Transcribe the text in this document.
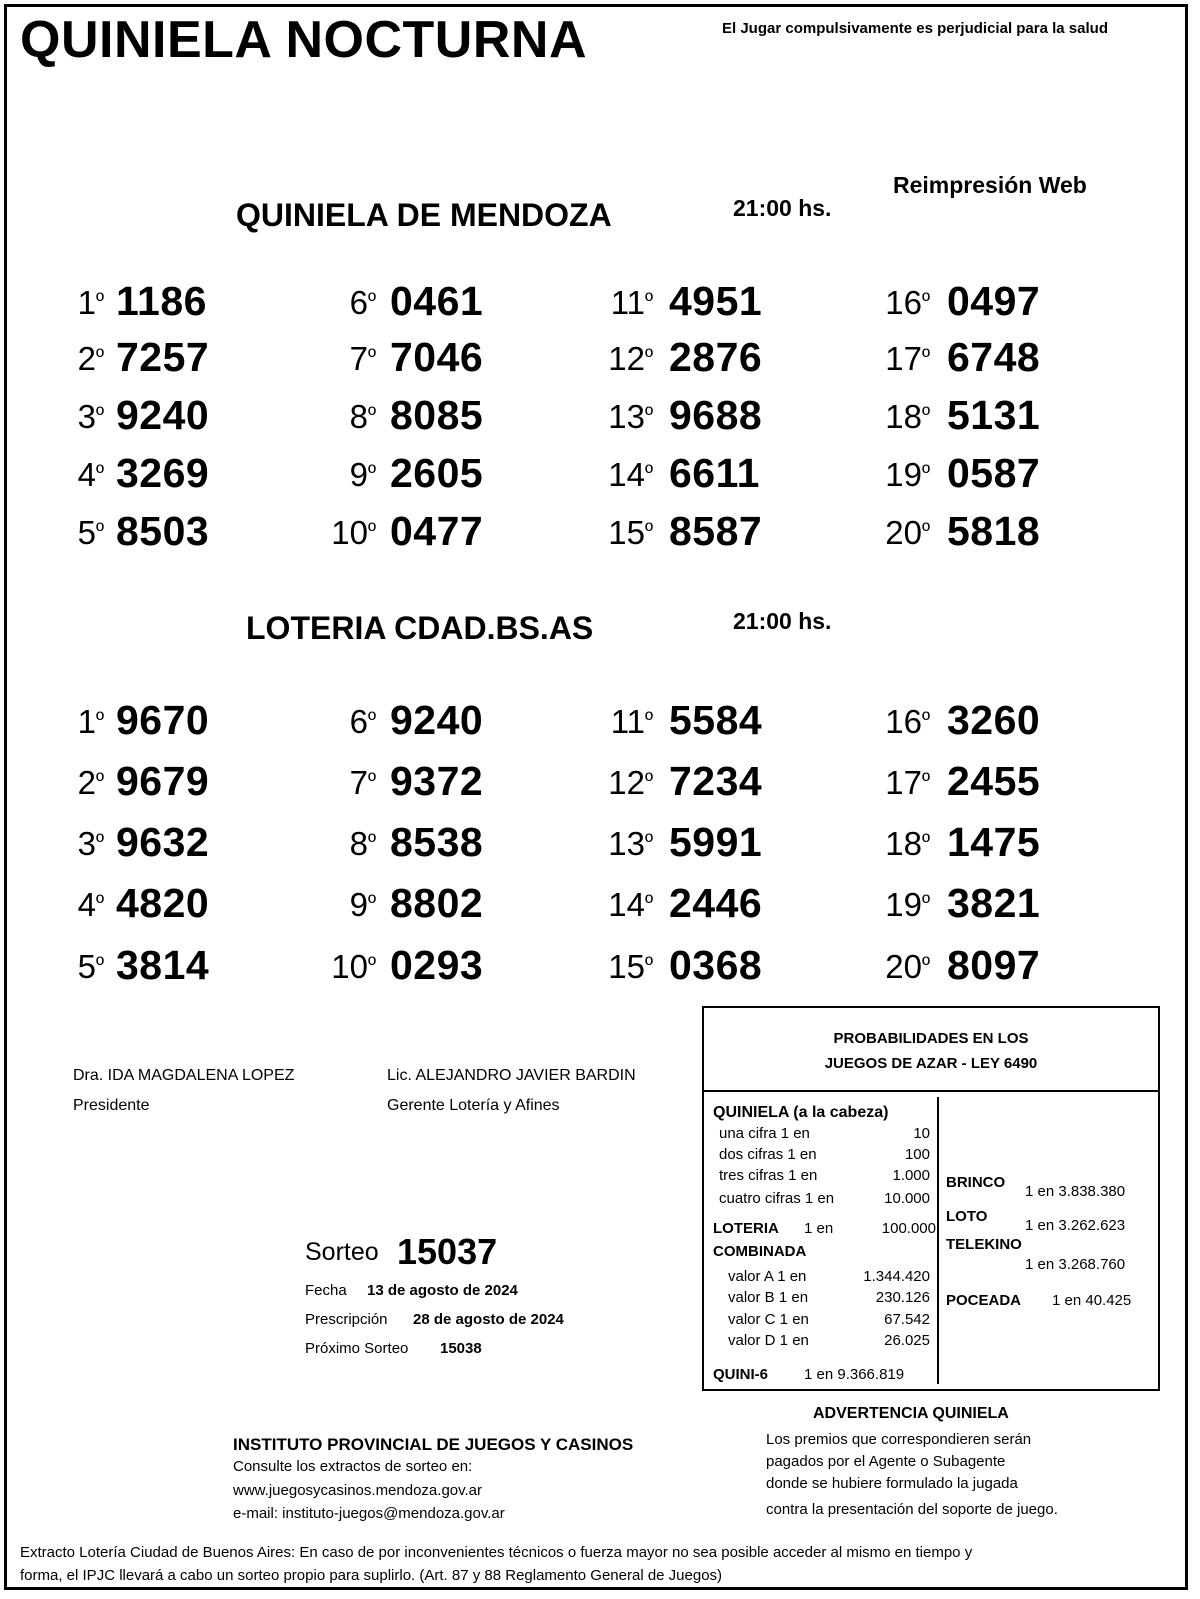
QUINIELA NOCTURNA	El Jugar compulsivamente es perjudicial para la salud
Reimpresión Web
QUINIELA DE MENDOZA	21:00 hs.
$1^º$ 1186
$2^º$ 7257
$3^º$ 9240
$4^º$ 3269
$5^º$ 8503
$6^º$ 0461
$7^º$ 7046
$8^º$ 8085
$9^º$ 2605
$10^º$ 0477
$11^º$ 4951
$12^º$ 2876
$13^º$ 9688
$14^º$ 6611
$15^º$ 8587
$16^º$ 0497
$17^º$ 6748
$18^º$ 5131
$19^º$ 0587
$20^º$ 5818
LOTERIA CDAD.BS.AS	21:00 hs.
$1^º$ 9670
$2^º$ 9679
$3^º$ 9632
$4^º$ 4820
$5^º$ 3814
$6^º$ 9240
$7^º$ 9372
$8^º$ 8538
$9^º$ 8802
$10^º$ 0293
$11^º$ 5584
$12^º$ 7234
$13^º$ 5991
$14^º$ 2446
$15^º$ 0368
$16^º$ 3260
$17^º$ 2455
$18^º$ 1475
$19^º$ 3821
$20^º$ 8097
Dra. IDA MAGDALENA LOPEZ
Presidente
Lic. ALEJANDRO JAVIER BARDIN
Gerente Lotería y Afines
Sorteo 15037
Fecha 13 de agosto de 2024
Prescripción 28 de agosto de 2024
Próximo Sorteo 15038
PROBABILIDADES EN LOS
JUEGOS DE AZAR - LEY 6490
QUINIELA (a la cabeza)
una cifra 1 en	10
dos cifras 1 en	100
tres cifras 1 en	1.000
cuatro cifras 1 en	10.000
LOTERIA 1 en	100.000
COMBINADA
valor A 1 en	1.344.420
valor B 1 en	230.126
valor C 1 en	67.542
valor D 1 en	26.025
QUINI-6 1 en 9.366.819
BRINCO
1 en 3.838.380
LOTO
1 en 3.262.623
TELEKINO
1 en 3.268.760
POCEADA 1 en 40.425
ADVERTENCIA QUINIELA
Los premios que correspondieren serán
pagados por el Agente o Subagente
donde se hubiere formulado la jugada
contra la presentación del soporte de juego.
INSTITUTO PROVINCIAL DE JUEGOS Y CASINOS
Consulte los extractos de sorteo en:
www.juegosycasinos.mendoza.gov.ar
e-mail: instituto-juegos@mendoza.gov.ar
Extracto Lotería Ciudad de Buenos Aires: En caso de por inconvenientes técnicos o fuerza mayor no sea posible acceder al mismo en tiempo y
forma, el IPJC llevará a cabo un sorteo propio para suplirlo. (Art. 87 y 88 Reglamento General de Juegos)
